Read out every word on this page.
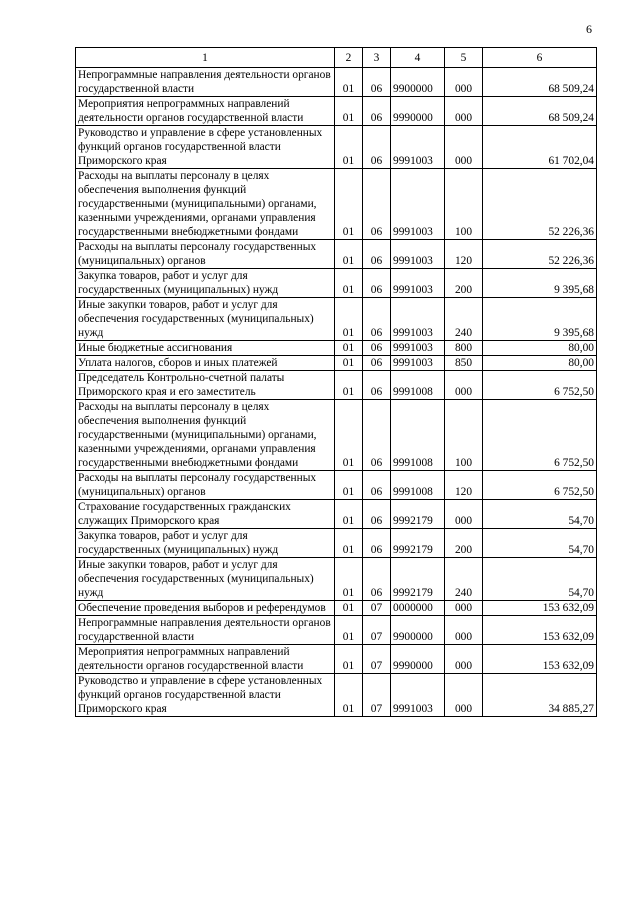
6
1	2	3	4	5	6
Непрограммные направления деятельности органов государственной власти	01	06	9900000	000	68 509,24
Мероприятия непрограммных направлений деятельности органов государственной власти	01	06	9990000	000	68 509,24
Руководство и управление в сфере установленных функций органов государственной власти Приморского края	01	06	9991003	000	61 702,04
Расходы на выплаты персоналу в целях обеспечения выполнения функций государственными (муниципальными) органами, казенными учреждениями, органами управления государственными внебюджетными фондами	01	06	9991003	100	52 226,36
Расходы на выплаты персоналу государственных (муниципальных) органов	01	06	9991003	120	52 226,36
Закупка товаров, работ и услуг для государственных (муниципальных) нужд	01	06	9991003	200	9 395,68
Иные закупки товаров, работ и услуг для обеспечения государственных (муниципальных) нужд	01	06	9991003	240	9 395,68
Иные бюджетные ассигнования	01	06	9991003	800	80,00
Уплата налогов, сборов и иных платежей	01	06	9991003	850	80,00
Председатель Контрольно-счетной палаты Приморского края и его заместитель	01	06	9991008	000	6 752,50
Расходы на выплаты персоналу в целях обеспечения выполнения функций государственными (муниципальными) органами, казенными учреждениями, органами управления государственными внебюджетными фондами	01	06	9991008	100	6 752,50
Расходы на выплаты персоналу государственных (муниципальных) органов	01	06	9991008	120	6 752,50
Страхование государственных гражданских служащих Приморского края	01	06	9992179	000	54,70
Закупка товаров, работ и услуг для государственных (муниципальных) нужд	01	06	9992179	200	54,70
Иные закупки товаров, работ и услуг для обеспечения государственных (муниципальных) нужд	01	06	9992179	240	54,70
Обеспечение проведения выборов и референдумов	01	07	0000000	000	153 632,09
Непрограммные направления деятельности органов государственной власти	01	07	9900000	000	153 632,09
Мероприятия непрограммных направлений деятельности органов государственной власти	01	07	9990000	000	153 632,09
Руководство и управление в сфере установленных функций органов государственной власти Приморского края	01	07	9991003	000	34 885,27
